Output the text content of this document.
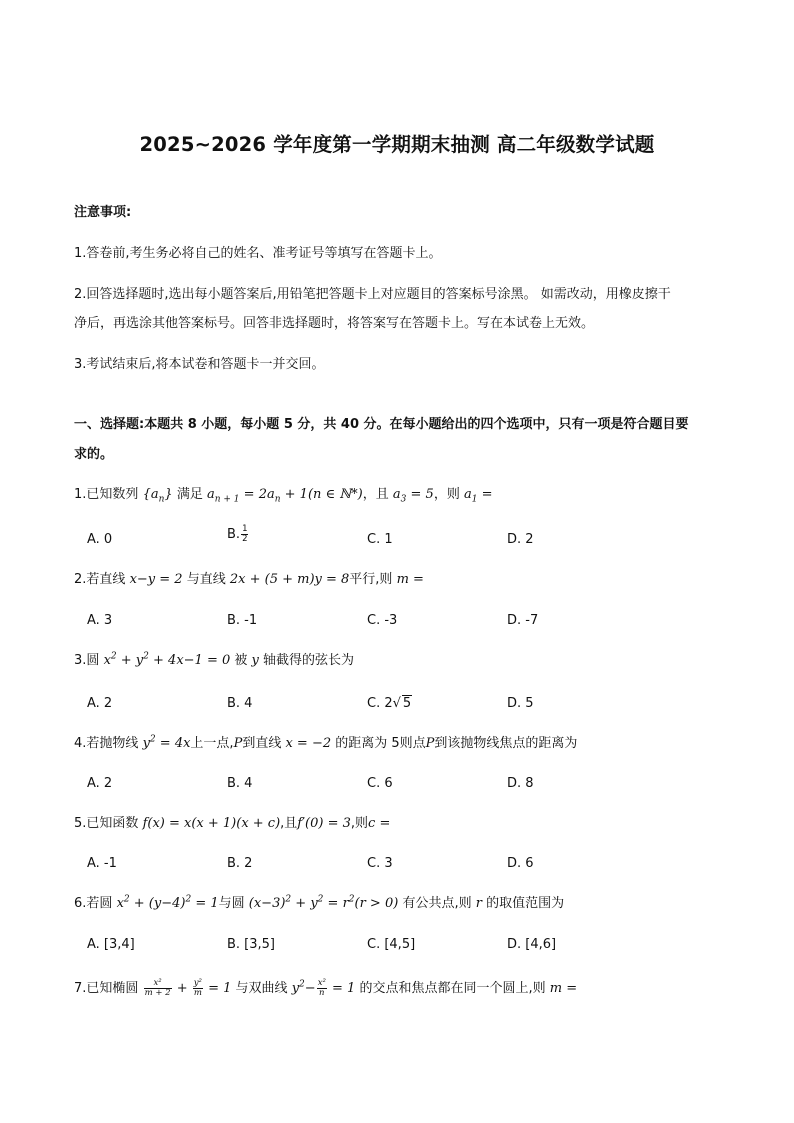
2025~2026 学年度第一学期期末抽测 高二年级数学试题
注意事项:
1.答卷前,考生务必将自己的姓名、准考证号等填写在答题卡上。
2.回答选择题时,选出每小题答案后,用铅笔把答题卡上对应题目的答案标号涂黑。 如需改动，用橡皮擦干
净后，再选涂其他答案标号。回答非选择题时，将答案写在答题卡上。写在本试卷上无效。
3.考试结束后,将本试卷和答题卡一并交回。
一、选择题:本题共 8 小题，每小题 5 分，共 40 分。在每小题给出的四个选项中，只有一项是符合题目要
求的。
1.已知数列 $\{a_n\}$ 满足 $a_{n + 1} = 2a_n + 1(n$ ∈ ℕ*)，且 $a_3 = 5$，则 $a_1$ =
A. 0	B. $\frac{1}{2}$	C. 1	D. 2
2.若直线 x−y = 2 与直线 2x + (5 + m)y = 8平行,则 m =
A. 3	B. -1	C. -3	D. -7
3.圆 $x^2 + y^2 + 4x-1 = 0$ 被 y 轴截得的弦长为
A. 2	B. 4	C. 2√ 5	D. 5
4.若抛物线 $y^2 = 4x$上一点,P到直线 x = −2 的距离为 5则点P到该抛物线焦点的距离为
A. 2	B. 4	C. 6	D. 8
5.已知函数 f(x) = x(x + 1)(x + c),且f′(0) = 3,则c =
A. -1	B. 2	C. 3	D. 6
6.若圆 $x^2 + (y-4)^2 = 1$与圆 $(x-3)^2 + y^2 = r^2(r > 0)$ 有公共点,则 r 的取值范围为
A. [3,4]	B. [3,5]	C. [4,5]	D. [4,6]
7.已知椭圆 $\frac{\text{x²}}{m + 2} + \frac{\text{y²}}{m} = 1$ 与双曲线 $y^2- \frac{\text{x²}}{n} = 1$ 的交点和焦点都在同一个圆上,则 m =
